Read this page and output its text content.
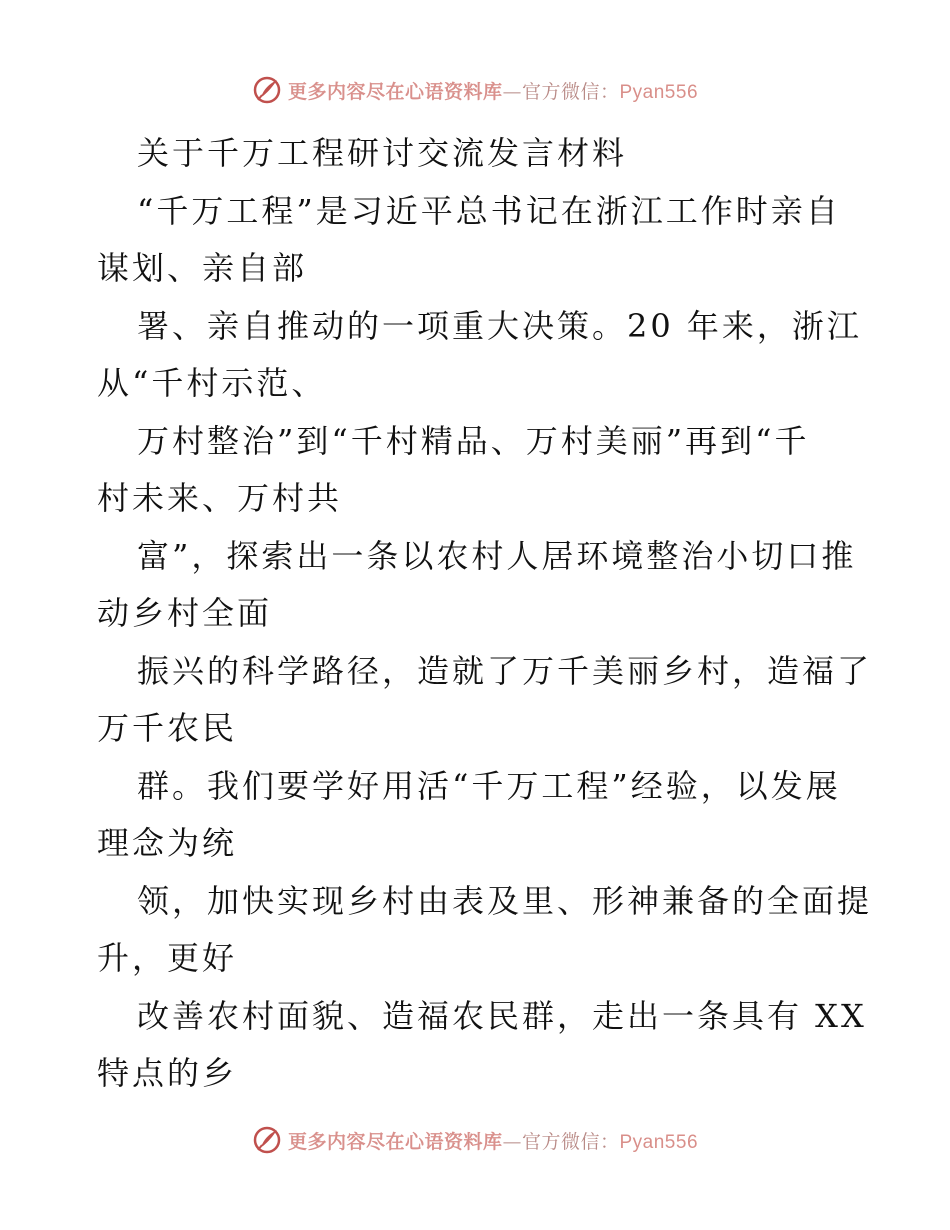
更多内容尽在心语资料库—官方微信：Pyan556
关于千万工程研讨交流发言材料
“千万工程”是习近平总书记在浙江工作时亲自
谋划、亲自部
署、亲自推动的一项重大决策。20 年来，浙江
从“千村示范、
万村整治”到“千村精品、万村美丽”再到“千
村未来、万村共
富”，探索出一条以农村人居环境整治小切口推
动乡村全面
振兴的科学路径，造就了万千美丽乡村，造福了
万千农民
群。我们要学好用活“千万工程”经验，以发展
理念为统
领，加快实现乡村由表及里、形神兼备的全面提
升，更好
改善农村面貌、造福农民群，走出一条具有 XX
特点的乡
更多内容尽在心语资料库—官方微信：Pyan556
